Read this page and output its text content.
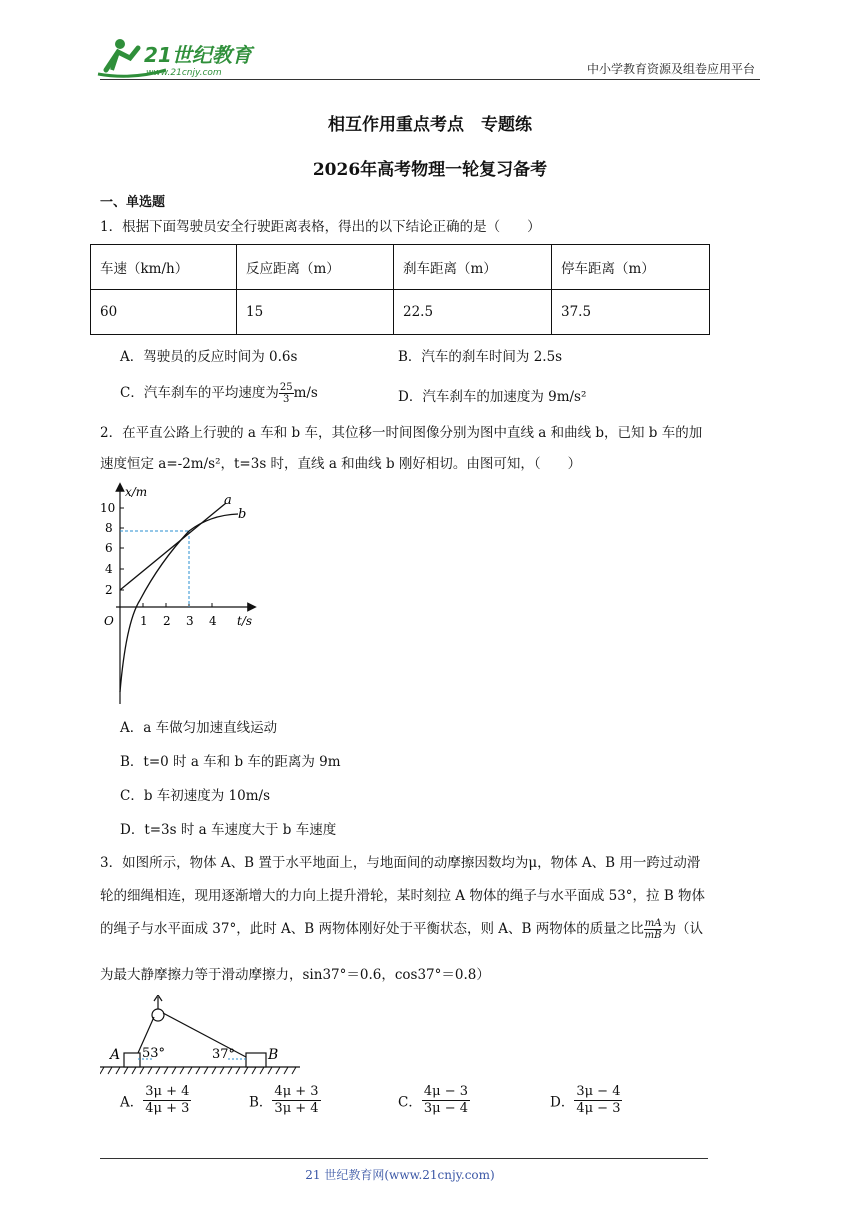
21世纪教育
www.21cnjy.com	中小学教育资源及组卷应用平台
相互作用重点考点　专题练
2026年高考物理一轮复习备考
一、单选题
1．根据下面驾驶员安全行驶距离表格，得出的以下结论正确的是（　　）
车速（km/h）	反应距离（m）	刹车距离（m）	停车距离（m）
60	15	22.5	37.5
A．驾驶员的反应时间为 0.6s	B．汽车的刹车时间为 2.5s
C．汽车刹车的平均速度为 $\frac{25}{3} m/s$	D．汽车刹车的加速度为 9m/s²
2．在平直公路上行驶的 a 车和 b 车，其位移一时间图像分别为图中直线 a 和曲线 b，已知 b 车的加
速度恒定 a=-2m/s²，t=3s 时，直线 a 和曲线 b 刚好相切。由图可知，（　　）
x/m
t/s
O
2
4
6
8
10
1 2 3 4
a
b
A．a 车做匀加速直线运动
B．t=0 时 a 车和 b 车的距离为 9m
C．b 车初速度为 10m/s
D．t=3s 时 a 车速度大于 b 车速度
3．如图所示，物体 A、B 置于水平地面上，与地面间的动摩擦因数均为μ，物体 A、B 用一跨过动滑
轮的细绳相连，现用逐渐增大的力向上提升滑轮，某时刻拉 A 物体的绳子与水平面成 53°，拉 B 物体
的绳子与水平面成 37°，此时 A、B 两物体刚好处于平衡状态，则 A、B 两物体的质量之比 $\frac{mA}{mB}$ 为（认
为最大静摩擦力等于滑动摩擦力，sin37°＝0.6，cos37°＝0.8）
A	B
53°	37°
A． $\frac{3\mu + 4}{4\mu + 3}$	B． $\frac{4\mu + 3}{3\mu + 4}$	C． $\frac{4\mu - 3}{3\mu - 4}$	D． $\frac{3\mu - 4}{4\mu - 3}$
21 世纪教育网(www.21cnjy.com)
